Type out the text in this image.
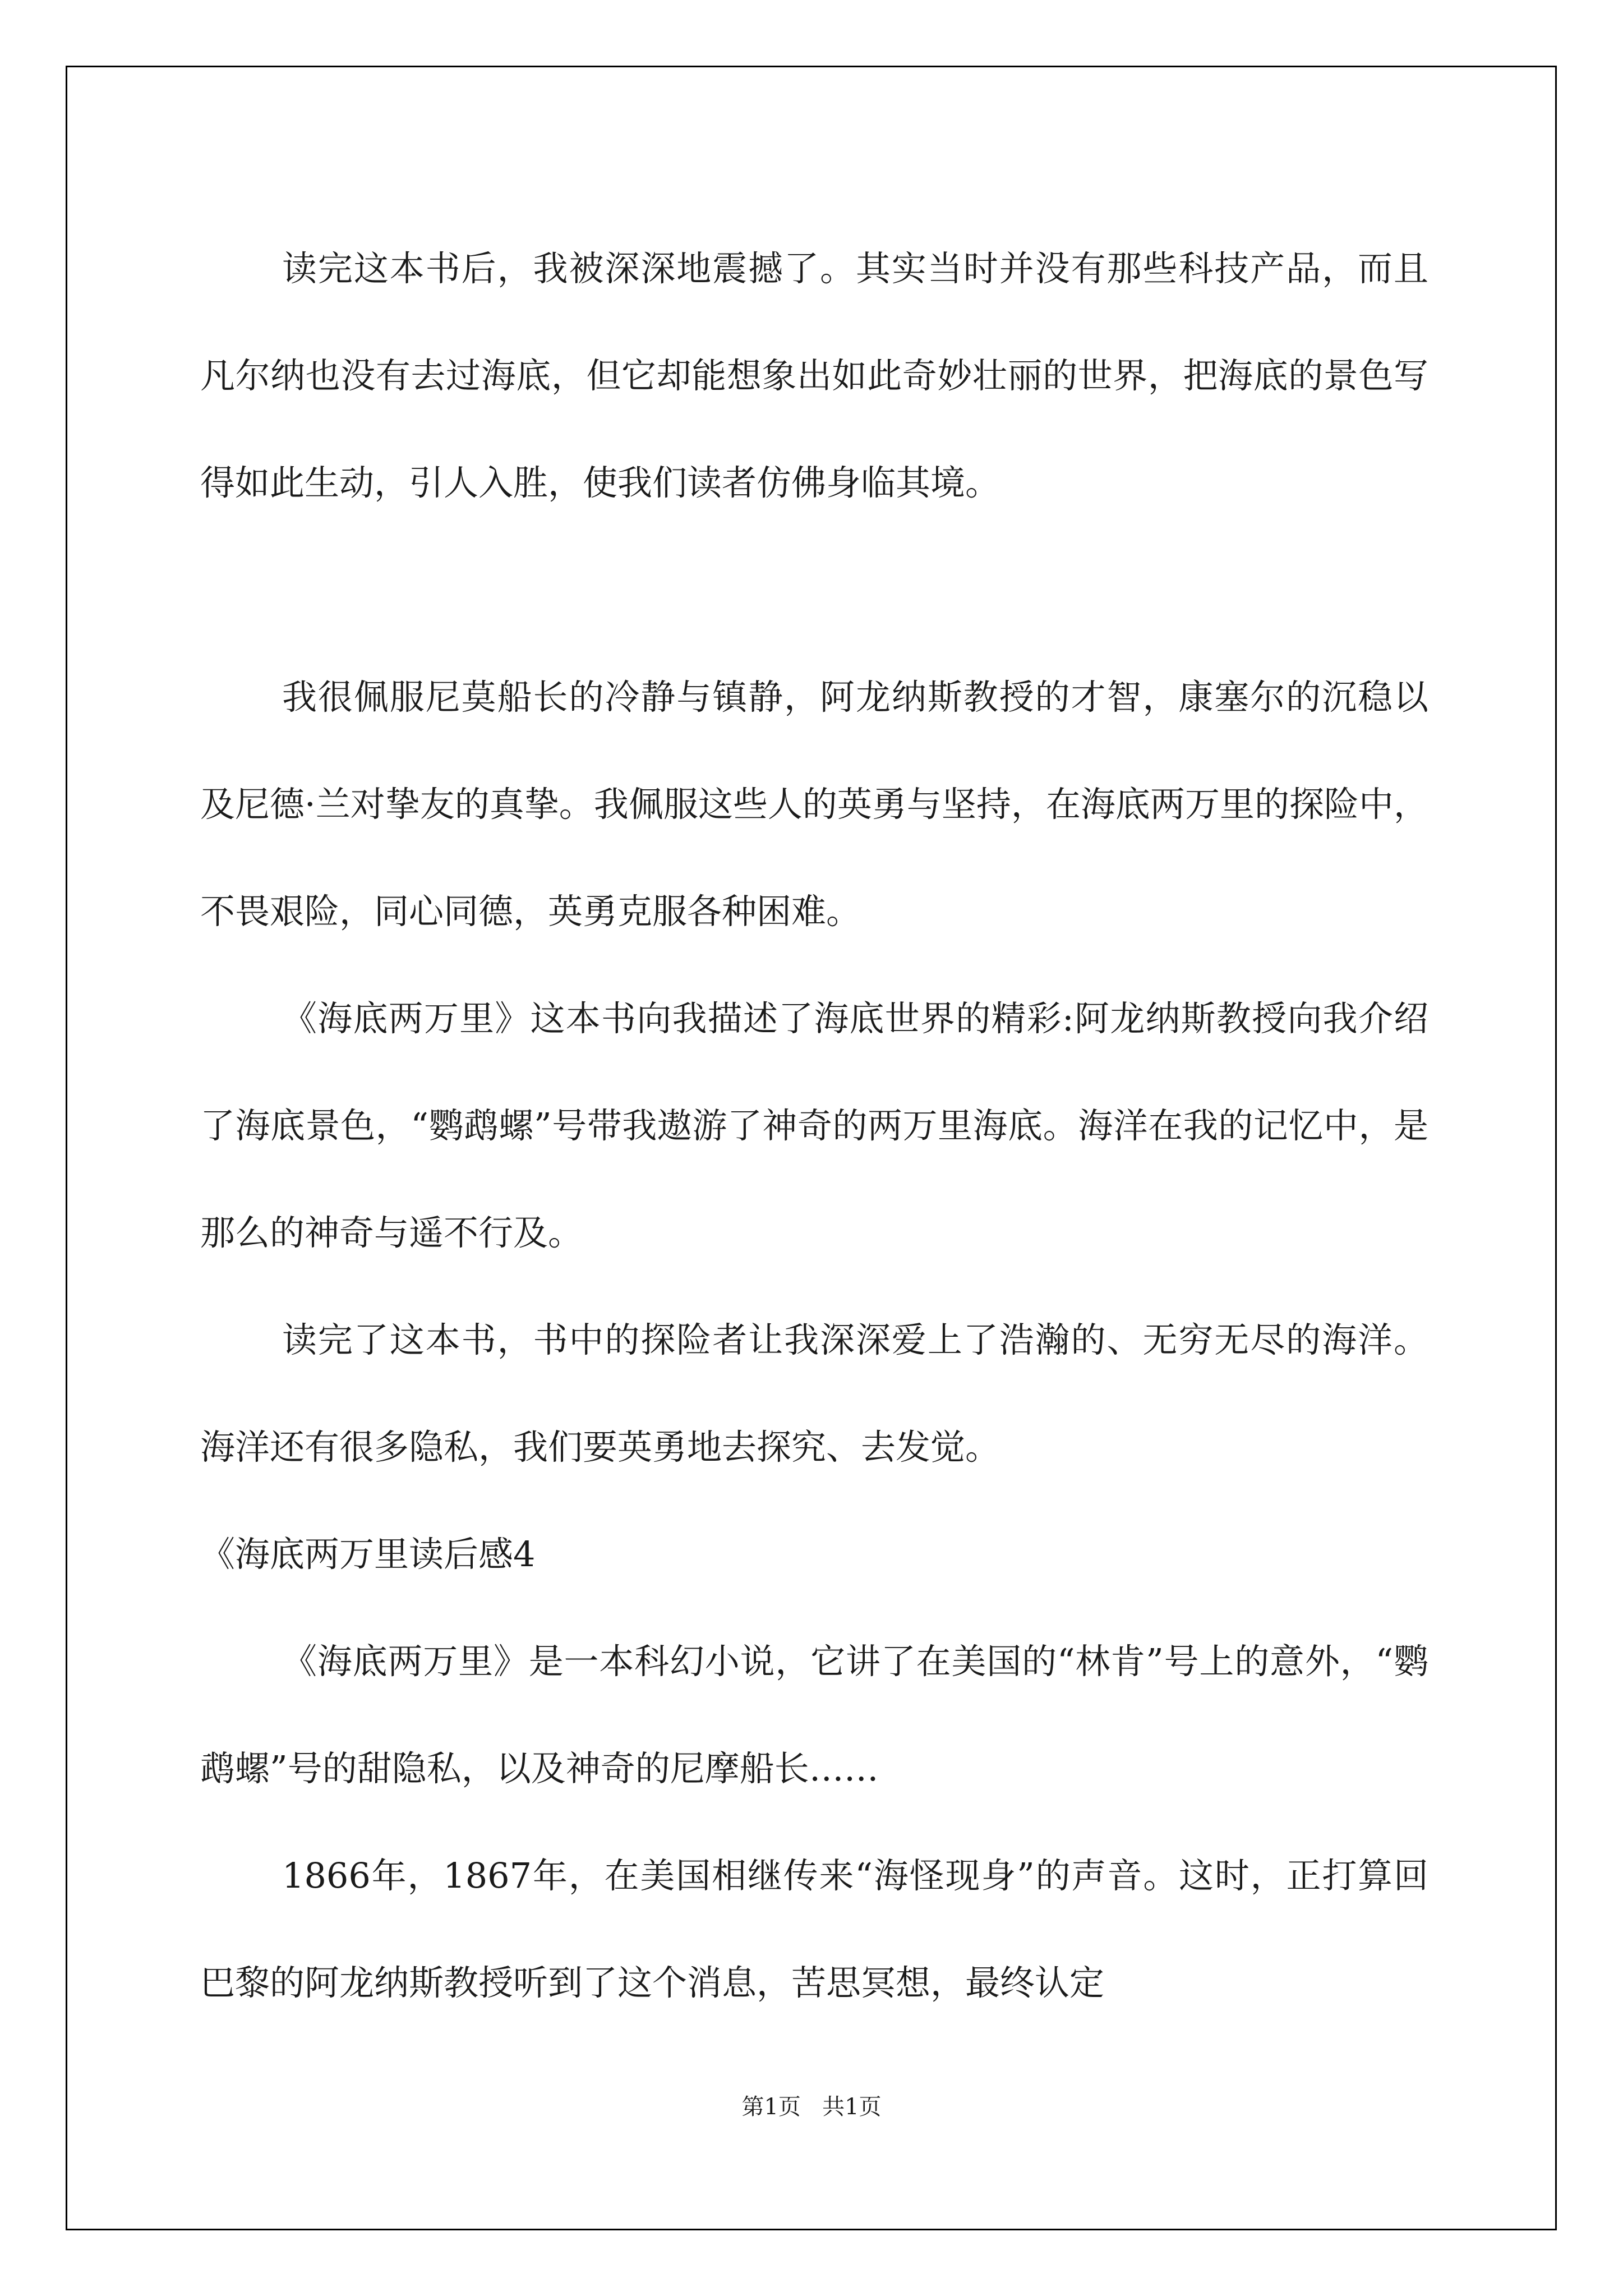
读完这本书后，我被深深地震撼了。其实当时并没有那些科技产品，而且凡尔纳也没有去过海底，但它却能想象出如此奇妙壮丽的世界，把海底的景色写得如此生动，引人入胜，使我们读者仿佛身临其境。

我很佩服尼莫船长的冷静与镇静，阿龙纳斯教授的才智，康塞尔的沉稳以及尼德·兰对挚友的真挚。我佩服这些人的英勇与坚持，在海底两万里的探险中，不畏艰险，同心同德，英勇克服各种困难。

《海底两万里》这本书向我描述了海底世界的精彩:阿龙纳斯教授向我介绍了海底景色，“鹦鹉螺”号带我遨游了神奇的两万里海底。海洋在我的记忆中，是那么的神奇与遥不行及。

读完了这本书，书中的探险者让我深深爱上了浩瀚的、无穷无尽的海洋。海洋还有很多隐私，我们要英勇地去探究、去发觉。

《海底两万里读后感4

《海底两万里》是一本科幻小说，它讲了在美国的“林肯”号上的意外，“鹦鹉螺”号的甜隐私，以及神奇的尼摩船长……

1866年，1867年，在美国相继传来“海怪现身”的声音。这时，正打算回巴黎的阿龙纳斯教授听到了这个消息，苦思冥想，最终认定

第1页 共1页
